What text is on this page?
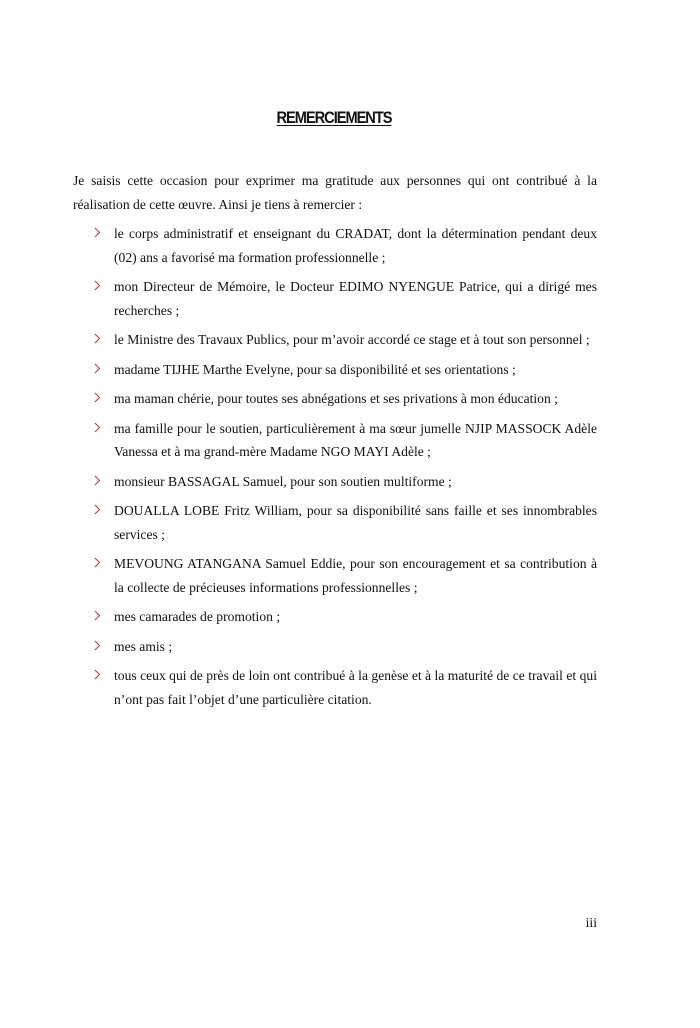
REMERCIEMENTS

Je saisis cette occasion pour exprimer ma gratitude aux personnes qui ont contribué à la réalisation de cette œuvre. Ainsi je tiens à remercier :

le corps administratif et enseignant du CRADAT, dont la détermination pendant deux (02) ans a favorisé ma formation professionnelle ;
mon Directeur de Mémoire, le Docteur EDIMO NYENGUE Patrice, qui a dirigé mes recherches ;
le Ministre des Travaux Publics, pour m’avoir accordé ce stage et à tout son personnel ;
madame TIJHE Marthe Evelyne, pour sa disponibilité et ses orientations ;
ma maman chérie, pour toutes ses abnégations et ses privations à mon éducation ;
ma famille pour le soutien, particulièrement à ma sœur jumelle NJIP MASSOCK Adèle Vanessa et à ma grand-mère Madame NGO MAYI Adèle ;
monsieur BASSAGAL Samuel, pour son soutien multiforme ;
DOUALLA LOBE Fritz William, pour sa disponibilité sans faille et ses innombrables services ;
MEVOUNG ATANGANA Samuel Eddie, pour son encouragement et sa contribution à la collecte de précieuses informations professionnelles ;
mes camarades de promotion ;
mes amis ;
tous ceux qui de près de loin ont contribué à la genèse et à la maturité de ce travail et qui n’ont pas fait l’objet d’une particulière citation.
iii
